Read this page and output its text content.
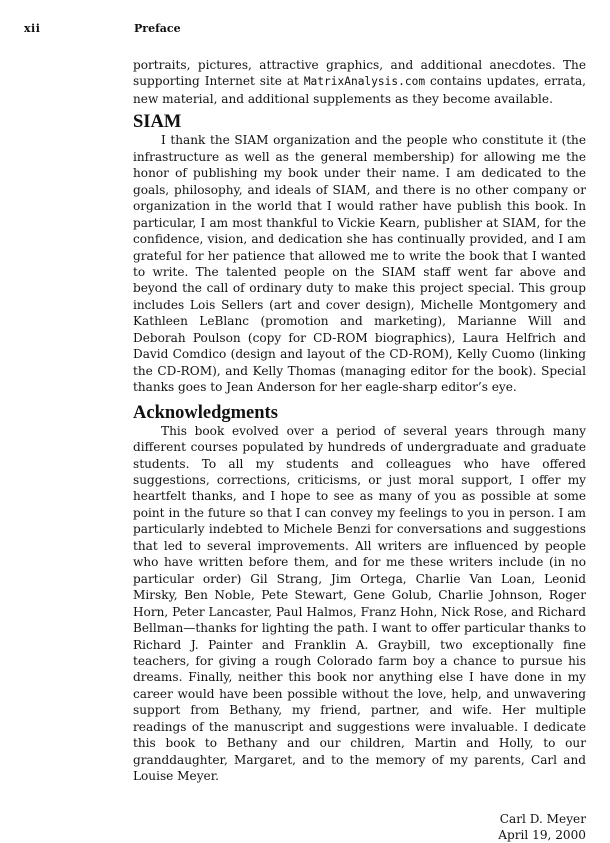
xii	Preface

portraits, pictures, attractive graphics, and additional anecdotes. The supporting Internet site at MatrixAnalysis.com contains updates, errata, new material, and additional supplements as they become available.

SIAM

I thank the SIAM organization and the people who constitute it (the infrastructure as well as the general membership) for allowing me the honor of publishing my book under their name. I am dedicated to the goals, philosophy, and ideals of SIAM, and there is no other company or organization in the world that I would rather have publish this book. In particular, I am most thankful to Vickie Kearn, publisher at SIAM, for the confidence, vision, and dedication she has continually provided, and I am grateful for her patience that allowed me to write the book that I wanted to write. The talented people on the SIAM staff went far above and beyond the call of ordinary duty to make this project special. This group includes Lois Sellers (art and cover design), Michelle Montgomery and Kathleen LeBlanc (promotion and marketing), Marianne Will and Deborah Poulson (copy for CD-ROM biographics), Laura Helfrich and David Comdico (design and layout of the CD-ROM), Kelly Cuomo (linking the CD-ROM), and Kelly Thomas (managing editor for the book). Special thanks goes to Jean Anderson for her eagle-sharp editor’s eye.

Acknowledgments

This book evolved over a period of several years through many different courses populated by hundreds of undergraduate and graduate students. To all my students and colleagues who have offered suggestions, corrections, criticisms, or just moral support, I offer my heartfelt thanks, and I hope to see as many of you as possible at some point in the future so that I can convey my feelings to you in person. I am particularly indebted to Michele Benzi for conversations and suggestions that led to several improvements. All writers are influenced by people who have written before them, and for me these writers include (in no particular order) Gil Strang, Jim Ortega, Charlie Van Loan, Leonid Mirsky, Ben Noble, Pete Stewart, Gene Golub, Charlie Johnson, Roger Horn, Peter Lancaster, Paul Halmos, Franz Hohn, Nick Rose, and Richard Bellman—thanks for lighting the path. I want to offer particular thanks to Richard J. Painter and Franklin A. Graybill, two exceptionally fine teachers, for giving a rough Colorado farm boy a chance to pursue his dreams. Finally, neither this book nor anything else I have done in my career would have been possible without the love, help, and unwavering support from Bethany, my friend, partner, and wife. Her multiple readings of the manuscript and suggestions were invaluable. I dedicate this book to Bethany and our children, Martin and Holly, to our granddaughter, Margaret, and to the memory of my parents, Carl and Louise Meyer.

Carl D. Meyer
April 19, 2000
